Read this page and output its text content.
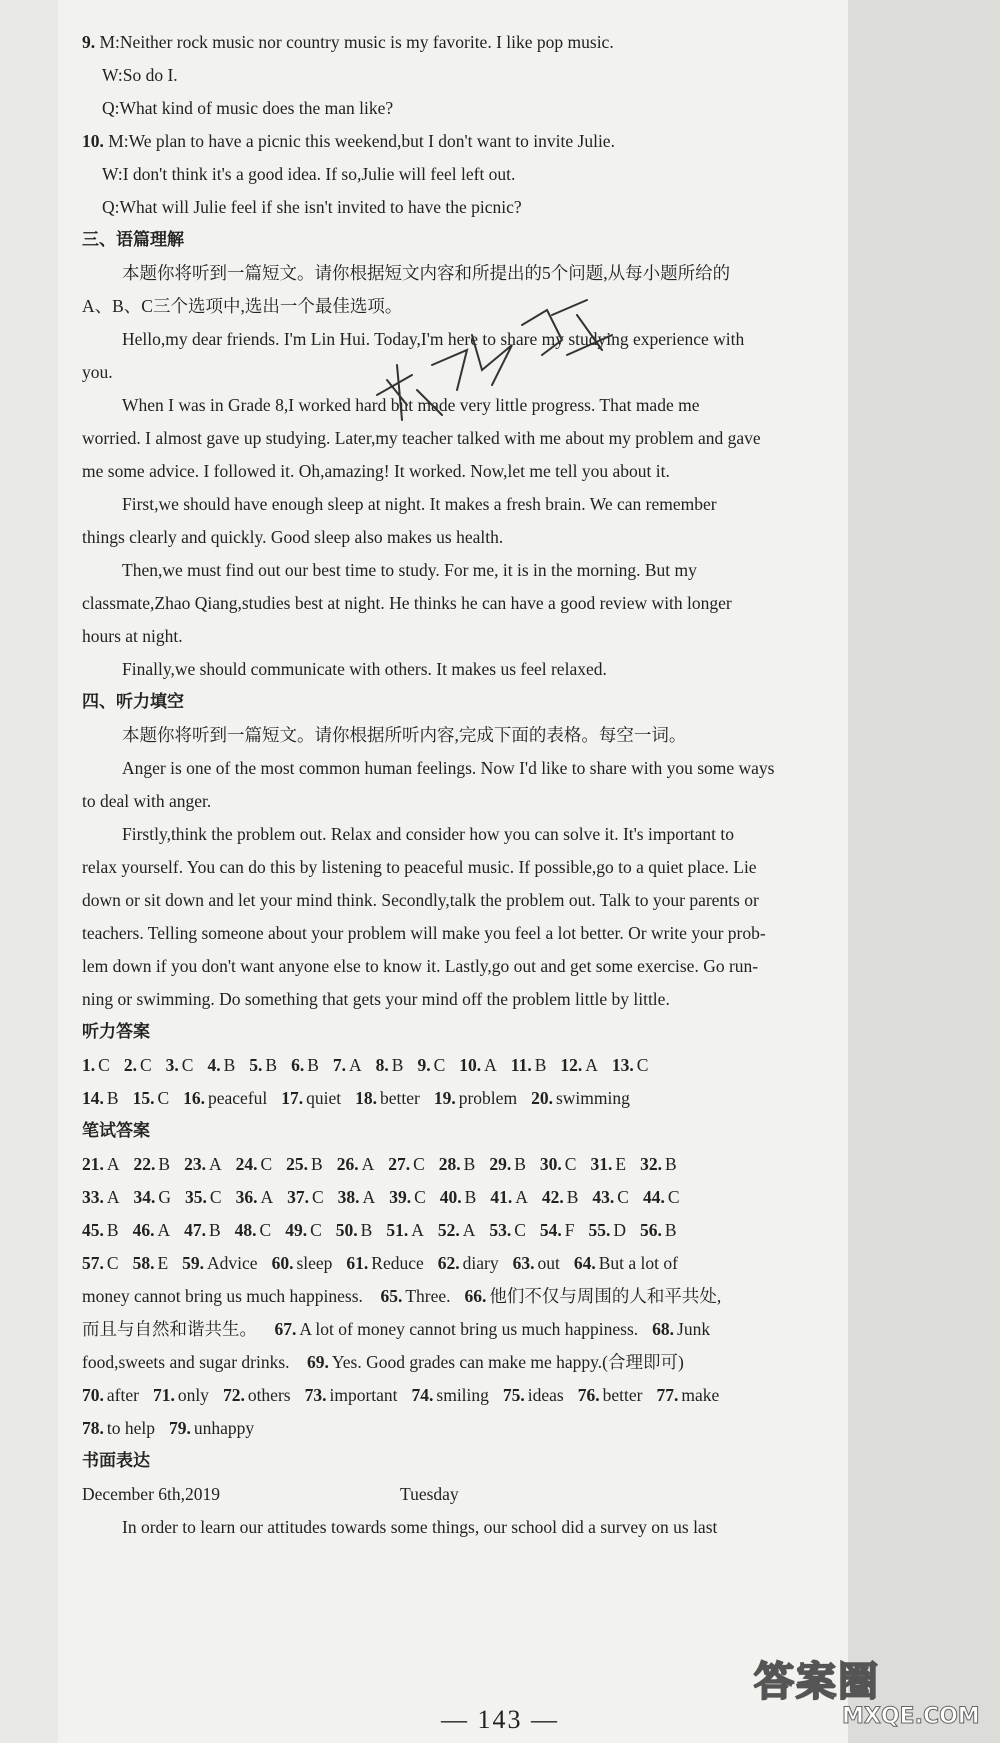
9. M:Neither rock music nor country music is my favorite. I like pop music.
W:So do I.
Q:What kind of music does the man like?
10. M:We plan to have a picnic this weekend,but I don't want to invite Julie.
W:I don't think it's a good idea. If so,Julie will feel left out.
Q:What will Julie feel if she isn't invited to have the picnic?
三、语篇理解
本题你将听到一篇短文。请你根据短文内容和所提出的5个问题,从每小题所给的
A、B、C三个选项中,选出一个最佳选项。
Hello,my dear friends. I'm Lin Hui. Today,I'm here to share my studying experience with
you.
When I was in Grade 8,I worked hard but made very little progress. That made me
worried. I almost gave up studying. Later,my teacher talked with me about my problem and gave
me some advice. I followed it. Oh,amazing! It worked. Now,let me tell you about it.
First,we should have enough sleep at night. It makes a fresh brain. We can remember
things clearly and quickly. Good sleep also makes us health.
Then,we must find out our best time to study. For me, it is in the morning. But my
classmate,Zhao Qiang,studies best at night. He thinks he can have a good review with longer
hours at night.
Finally,we should communicate with others. It makes us feel relaxed.
四、听力填空
本题你将听到一篇短文。请你根据所听内容,完成下面的表格。每空一词。
Anger is one of the most common human feelings. Now I'd like to share with you some ways
to deal with anger.
Firstly,think the problem out. Relax and consider how you can solve it. It's important to
relax yourself. You can do this by listening to peaceful music. If possible,go to a quiet place. Lie
down or sit down and let your mind think. Secondly,talk the problem out. Talk to your parents or
teachers. Telling someone about your problem will make you feel a lot better. Or write your prob-
lem down if you don't want anyone else to know it. Lastly,go out and get some exercise. Go run-
ning or swimming. Do something that gets your mind off the problem little by little.
听力答案
1. C 2. C 3. C 4. B 5. B 6. B 7. A 8. B 9. C 10. A 11. B 12. A 13. C
14. B 15. C 16. peaceful 17. quiet 18. better 19. problem 20. swimming
笔试答案
21. A 22. B 23. A 24. C 25. B 26. A 27. C 28. B 29. B 30. C 31. E 32. B
33. A 34. G 35. C 36. A 37. C 38. A 39. C 40. B 41. A 42. B 43. C 44. C
45. B 46. A 47. B 48. C 49. C 50. B 51. A 52. A 53. C 54. F 55. D 56. B
57. C 58. E 59. Advice 60. sleep 61. Reduce 62. diary 63. out 64. But a lot of
money cannot bring us much happiness. 65. Three. 66. 他们不仅与周围的人和平共处,
而且与自然和谐共生。 67. A lot of money cannot bring us much happiness. 68. Junk
food,sweets and sugar drinks. 69. Yes. Good grades can make me happy.(合理即可)
70. after 71. only 72. others 73. important 74. smiling 75. ideas 76. better 77. make
78. to help 79. unhappy
书面表达
December 6th,2019	Tuesday
In order to learn our attitudes towards some things, our school did a survey on us last
— 143 —
答案圈
MXQE.COM
